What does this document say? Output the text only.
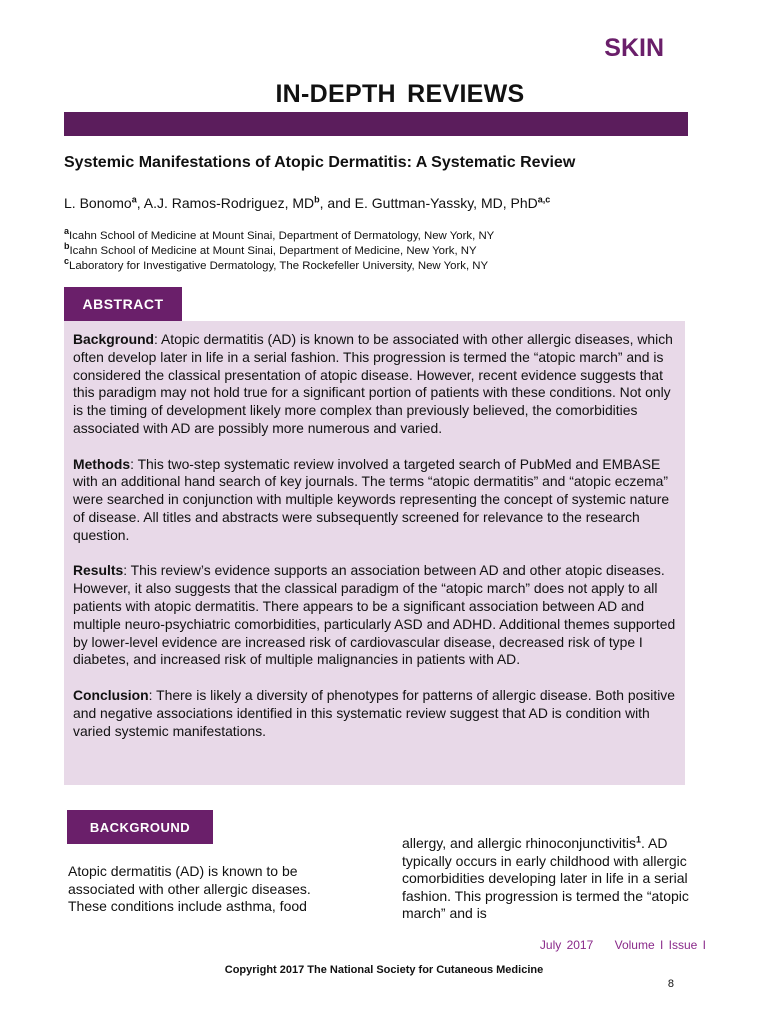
SKIN
IN-DEPTH REVIEWS
Systemic Manifestations of Atopic Dermatitis: A Systematic Review
L. Bonomo$^a$, A.J. Ramos-Rodriguez, $MD^b$, and E. Guttman-Yassky, MD, PhD$^{a,c}$
$^a$Icahn School of Medicine at Mount Sinai, Department of Dermatology, New York, NY
$^b$Icahn School of Medicine at Mount Sinai, Department of Medicine, New York, NY
$^c$Laboratory for Investigative Dermatology, The Rockefeller University, New York, NY
ABSTRACT

Background: Atopic dermatitis (AD) is known to be associated with other allergic diseases, which often develop later in life in a serial fashion. This progression is termed the “atopic march” and is considered the classical presentation of atopic disease. However, recent evidence suggests that this paradigm may not hold true for a significant portion of patients with these conditions. Not only is the timing of development likely more complex than previously believed, the comorbidities associated with AD are possibly more numerous and varied.

Methods: This two-step systematic review involved a targeted search of PubMed and EMBASE with an additional hand search of key journals. The terms “atopic dermatitis” and “atopic eczema” were searched in conjunction with multiple keywords representing the concept of systemic nature of disease. All titles and abstracts were subsequently screened for relevance to the research question.

Results: This review’s evidence supports an association between AD and other atopic diseases. However, it also suggests that the classical paradigm of the “atopic march” does not apply to all patients with atopic dermatitis. There appears to be a significant association between AD and multiple neuro-psychiatric comorbidities, particularly ASD and ADHD. Additional themes supported by lower-level evidence are increased risk of cardiovascular disease, decreased risk of type I diabetes, and increased risk of multiple malignancies in patients with AD.

Conclusion: There is likely a diversity of phenotypes for patterns of allergic disease. Both positive and negative associations identified in this systematic review suggest that AD is condition with varied systemic manifestations.

BACKGROUND
Atopic dermatitis (AD) is known to be associated with other allergic diseases. These conditions include asthma, food
allergy, and allergic rhinoconjunctivitis$^1$. AD typically occurs in early childhood with allergic comorbidities developing later in life in a serial fashion. This progression is termed the “atopic march” and is
July 2017    Volume I Issue I
Copyright 2017 The National Society for Cutaneous Medicine
8
